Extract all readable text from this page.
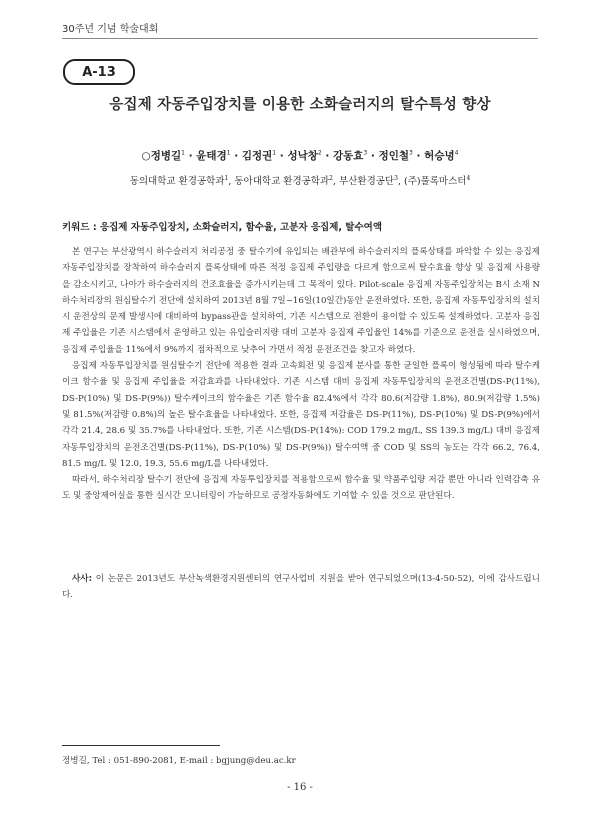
30주년 기념 학술대회
A-13
응집제 자동주입장치를 이용한 소화슬러지의 탈수특성 향상
○정병길$^1$ · 윤태경$^1$ · 김정권$^1$ · 성낙창$^2$ · 강동효$^3$ · 정인철$^3$ · 허승녕$^4$
동의대학교 환경공학과$^1$, 동아대학교 환경공학과$^2$, 부산환경공단$^3$, (주)풀록마스터$^4$
키워드 : 응집제 자동주입장치, 소화슬러지, 함수율, 고분자 응집제, 탈수여액

본 연구는 부산광역시 하수슬러지 처리공정 중 탈수기에 유입되는 배관부에 하수슬러지의 플록상태를 파악할 수 있는 응집제 자동주입장치를 장착하여 하수슬러지 플록상태에 따른 적정 응집제 주입량을 다르게 함으로써 탈수효율 향상 및 응집제 사용량을 감소시키고, 나아가 하수슬러지의 건조효율을 증가시키는데 그 목적이 있다. Pilot-scale 응집제 자동주입장치는 B시 소재 N하수처리장의 원심탈수기 전단에 설치하여 2013년 8월 7일~16일(10일간)동안 운전하였다. 또한, 응집제 자동투입장치의 설치시 운전상의 문제 발생시에 대비하여 bypass관을 설치하여, 기존 시스템으로 전환이 용이할 수 있도록 설계하였다. 고분자 응집제 주입율은 기존 시스템에서 운영하고 있는 유입슬러지량 대비 고분자 응집제 주입율인 14%를 기준으로 운전을 실시하였으며, 응집제 주입율을 11%에서 9%까지 점차적으로 낮추어 가면서 적정 운전조건을 찾고자 하였다.

응집제 자동투입장치를 원심탈수기 전단에 적용한 결과 고속회전 및 응집제 분사를 통한 균일한 플록이 형성됨에 따라 탈수케이크 함수율 및 응집제 주입율을 저감효과를 나타내었다. 기존 시스템 대비 응집제 자동투입장치의 운전조건별(DS-P(11%), DS-P(10%) 및 DS-P(9%)) 탈수케이크의 함수율은 기존 함수율 82.4%에서 각각 80.6(저감량 1.8%), 80.9(저감량 1.5%) 및 81.5%(저감량 0.8%)의 높은 탈수효율을 나타내었다. 또한, 응집제 저감율은 DS-P(11%), DS-P(10%) 및 DS-P(9%)에서 각각 21.4, 28.6 및 35.7%를 나타내었다. 또한, 기존 시스템(DS-P(14%): COD 179.2 mg/L, SS 139.3 mg/L) 대비 응집제 자동투입장치의 운전조건별(DS-P(11%), DS-P(10%) 및 DS-P(9%)) 탈수여액 중 COD 및 SS의 농도는 각각 66.2, 76.4, 81.5 mg/L 및 12.0, 19.3, 55.6 mg/L를 나타내었다.

따라서, 하수처리장 탈수기 전단에 응집제 자동투입장치를 적용함으로써 함수율 및 약품주입량 저감 뿐만 아니라 인력감축 유도 및 중앙제어실을 통한 실시간 모니터링이 가능하므로 공정자동화에도 기여할 수 있을 것으로 판단된다.

사사: 이 논문은 2013년도 부산녹색환경지원센터의 연구사업비 지원을 받아 연구되었으며(13-4-50-52), 이에 감사드립니다.

정병길, Tel : 051-890-2081, E-mail : bgjung@deu.ac.kr
- 16 -
